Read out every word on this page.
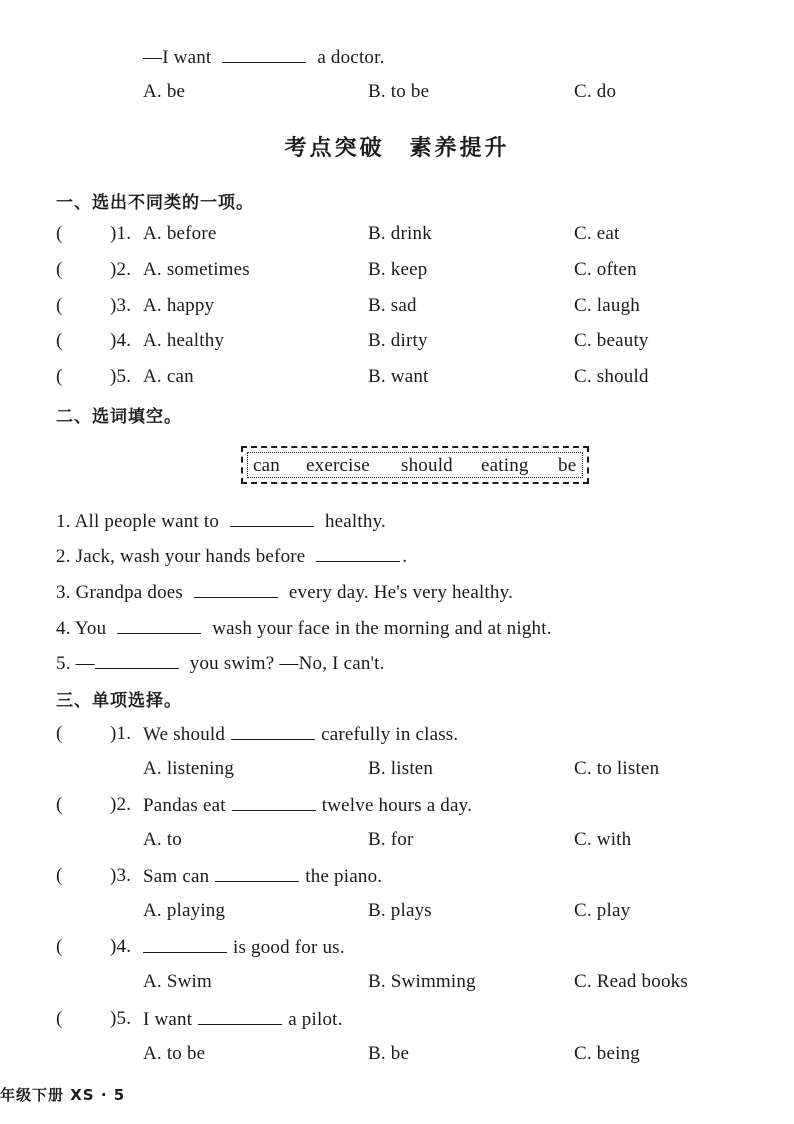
—I want	a doctor.
A. be	B. to be	C. do
考点突破　素养提升
一、选出不同类的一项。
( )1. A. before	B. drink	C. eat
( )2. A. sometimes	B. keep	C. often
( )3. A. happy	B. sad	C. laugh
( )4. A. healthy	B. dirty	C. beauty
( )5. A. can	B. want	C. should
二、选词填空。
can exercise should eating be
1. All people want to	healthy.
2. Jack, wash your hands before	.
3. Grandpa does	every day. He's very healthy.
4. You	wash your face in the morning and at night.
5. —	you swim? —No, I can't.
三、单项选择。
( )1. We should	carefully in class.
A. listening	B. listen	C. to listen
( )2. Pandas eat	twelve hours a day.
A. to	B. for	C. with
( )3. Sam can	the piano.
A. playing	B. plays	C. play
( )4.	is good for us.
A. Swim	B. Swimming	C. Read books
( )5. I want	a pilot.
A. to be	B. be	C. being
年级下册 XS · 5
